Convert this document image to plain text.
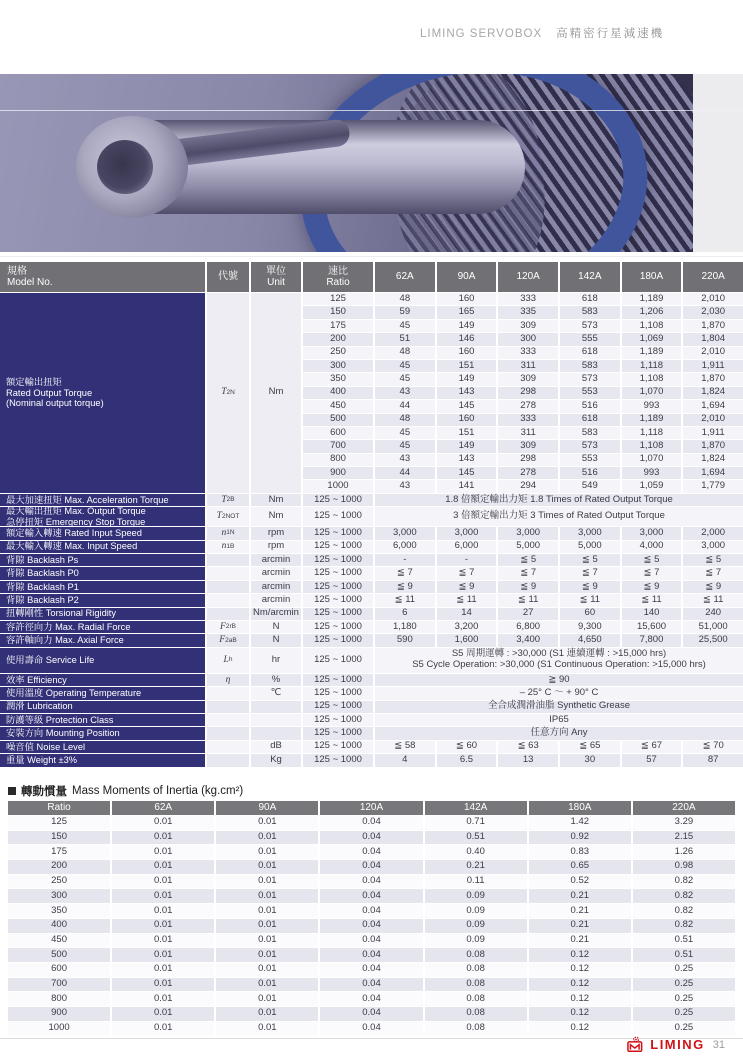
LIMING SERVOBOX 高精密行星減速機
規格
Model No.
代號
單位
Unit
速比
Ratio
62A	90A	120A	142A	180A	220A
額定輸出扭矩
Rated Output Torque
(Nominal output torque)
T 2N	Nm
125	48	160	333	618	1,189	2,010
150	59	165	335	583	1,206	2,030
175	45	149	309	573	1,108	1,870
200	51	146	300	555	1,069	1,804
250	48	160	333	618	1,189	2,010
300	45	151	311	583	1,118	1,911
350	45	149	309	573	1,108	1,870
400	43	143	298	553	1,070	1,824
450	44	145	278	516	993	1,694
500	48	160	333	618	1,189	2,010
600	45	151	311	583	1,118	1,911
700	45	149	309	573	1,108	1,870
800	43	143	298	553	1,070	1,824
900	44	145	278	516	993	1,694
1000	43	141	294	549	1,059	1,779
最大加速扭矩 Max. Acceleration Torque	T 2B	Nm	125 ~ 1000	1.8 倍額定輸出力矩 1.8 Times of Rated Output Torque
最大輸出扭矩 Max. Output Torque
急停扭矩 Emergency Stop Torque
T 2NOT	Nm	125 ~ 1000	3 倍額定輸出力矩 3 Times of Rated Output Torque
額定輸入轉速 Rated Input Speed	n 1N	rpm	125 ~ 1000	3,000	3,000	3,000	3,000	3,000	2,000
最大輸入轉速 Max. Input Speed	n 1B	rpm	125 ~ 1000	6,000	6,000	5,000	5,000	4,000	3,000
背隙 Backlash Ps	arcmin	125 ~ 1000	-	-	≦ 5	≦ 5	≦ 5	≦ 5
背隙 Backlash P0	arcmin	125 ~ 1000	≦ 7	≦ 7	≦ 7	≦ 7	≦ 7	≦ 7
背隙 Backlash P1	arcmin	125 ~ 1000	≦ 9	≦ 9	≦ 9	≦ 9	≦ 9	≦ 9
背隙 Backlash P2	arcmin	125 ~ 1000	≦ 11	≦ 11	≦ 11	≦ 11	≦ 11	≦ 11
扭轉剛性 Torsional Rigidity	Nm/arcmin	125 ~ 1000	6	14	27	60	140	240
容許徑向力 Max. Radial Force	F 2rB	N	125 ~ 1000	1,180	3,200	6,800	9,300	15,600	51,000
容許軸向力 Max. Axial Force	F 2aB	N	125 ~ 1000	590	1,600	3,400	4,650	7,800	25,500
使用壽命 Service Life	L h	hr	125 ~ 1000	S5 周期運轉 : >30,000 (S1 連續運轉 : >15,000 hrs)
S5 Cycle Operation: >30,000 (S1 Continuous Operation: >15,000 hrs)
效率 Efficiency	η	%	125 ~ 1000	≧ 90
使用溫度 Operating Temperature	℃	125 ~ 1000	– 25° C ～ + 90° C
潤滑 Lubrication	125 ~ 1000	全合成潤滑油脂 Synthetic Grease
防護等級 Protection Class	125 ~ 1000	IP65
安裝方向 Mounting Position	125 ~ 1000	任意方向 Any
噪音值 Noise Level	dB	125 ~ 1000	≦ 58	≦ 60	≦ 63	≦ 65	≦ 67	≦ 70
重量 Weight ±3%	Kg	125 ~ 1000	4	6.5	13	30	57	87
轉動慣量 Mass Moments of Inertia (kg.cm²)
Ratio	62A	90A	120A	142A	180A	220A
125	0.01	0.01	0.04	0.71	1.42	3.29
150	0.01	0.01	0.04	0.51	0.92	2.15
175	0.01	0.01	0.04	0.40	0.83	1.26
200	0.01	0.01	0.04	0.21	0.65	0.98
250	0.01	0.01	0.04	0.11	0.52	0.82
300	0.01	0.01	0.04	0.09	0.21	0.82
350	0.01	0.01	0.04	0.09	0.21	0.82
400	0.01	0.01	0.04	0.09	0.21	0.82
450	0.01	0.01	0.04	0.09	0.21	0.51
500	0.01	0.01	0.04	0.08	0.12	0.51
600	0.01	0.01	0.04	0.08	0.12	0.25
700	0.01	0.01	0.04	0.08	0.12	0.25
800	0.01	0.01	0.04	0.08	0.12	0.25
900	0.01	0.01	0.04	0.08	0.12	0.25
1000	0.01	0.01	0.04	0.08	0.12	0.25
LIMING 31
